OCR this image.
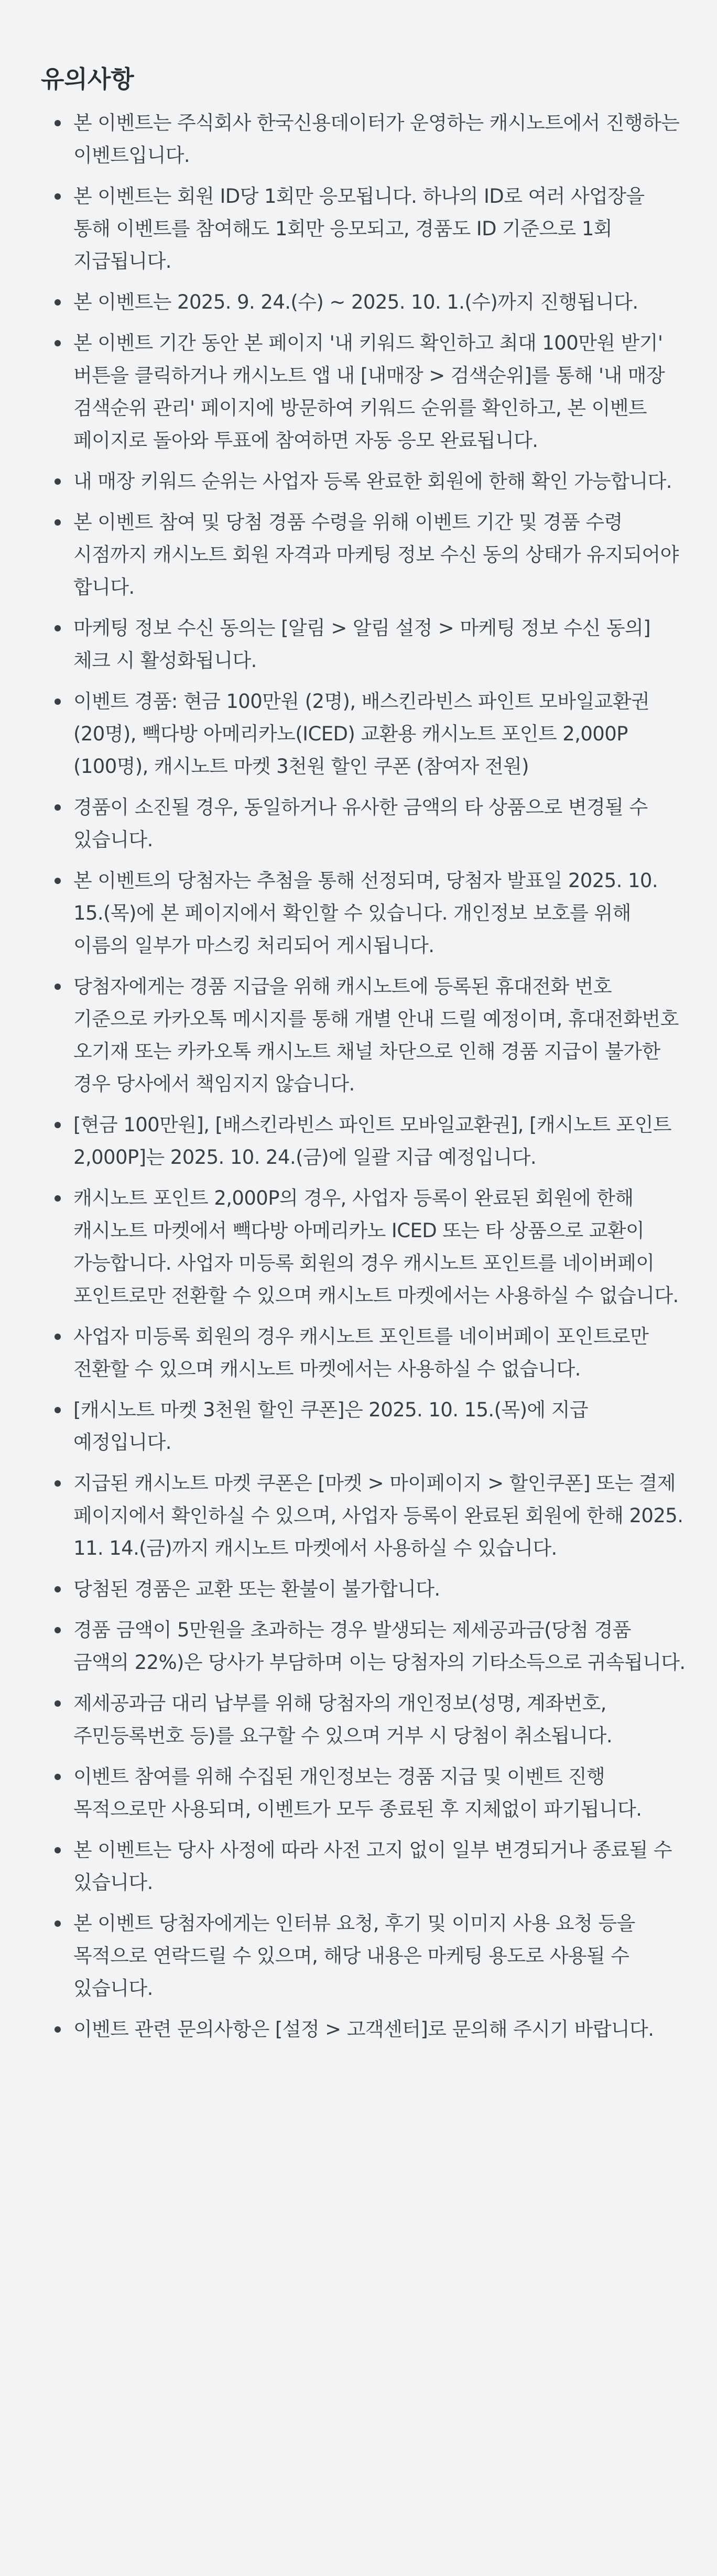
유의사항
본 이벤트는 주식회사 한국신용데이터가 운영하는 캐시노트에서 진행하는 이벤트입니다.
본 이벤트는 회원 ID당 1회만 응모됩니다. 하나의 ID로 여러 사업장을 통해 이벤트를 참여해도 1회만 응모되고, 경품도 ID 기준으로 1회 지급됩니다.
본 이벤트는 2025. 9. 24.(수) ~ 2025. 10. 1.(수)까지 진행됩니다.
본 이벤트 기간 동안 본 페이지 '내 키워드 확인하고 최대 100만원 받기' 버튼을 클릭하거나 캐시노트 앱 내 [내매장 > 검색순위]를 통해 '내 매장 검색순위 관리' 페이지에 방문하여 키워드 순위를 확인하고, 본 이벤트 페이지로 돌아와 투표에 참여하면 자동 응모 완료됩니다.
내 매장 키워드 순위는 사업자 등록 완료한 회원에 한해 확인 가능합니다.
본 이벤트 참여 및 당첨 경품 수령을 위해 이벤트 기간 및 경품 수령 시점까지 캐시노트 회원 자격과 마케팅 정보 수신 동의 상태가 유지되어야 합니다.
마케팅 정보 수신 동의는 [알림 > 알림 설정 > 마케팅 정보 수신 동의] 체크 시 활성화됩니다.
이벤트 경품: 현금 100만원 (2명), 배스킨라빈스 파인트 모바일교환권(20명), 빽다방 아메리카노(ICED) 교환용 캐시노트 포인트 2,000P (100명), 캐시노트 마켓 3천원 할인 쿠폰 (참여자 전원)
경품이 소진될 경우, 동일하거나 유사한 금액의 타 상품으로 변경될 수 있습니다.
본 이벤트의 당첨자는 추첨을 통해 선정되며, 당첨자 발표일 2025. 10. 15.(목)에 본 페이지에서 확인할 수 있습니다. 개인정보 보호를 위해 이름의 일부가 마스킹 처리되어 게시됩니다.
당첨자에게는 경품 지급을 위해 캐시노트에 등록된 휴대전화 번호 기준으로 카카오톡 메시지를 통해 개별 안내 드릴 예정이며, 휴대전화번호 오기재 또는 카카오톡 캐시노트 채널 차단으로 인해 경품 지급이 불가한 경우 당사에서 책임지지 않습니다.
[현금 100만원], [배스킨라빈스 파인트 모바일교환권], [캐시노트 포인트 2,000P]는 2025. 10. 24.(금)에 일괄 지급 예정입니다.
캐시노트 포인트 2,000P의 경우, 사업자 등록이 완료된 회원에 한해 캐시노트 마켓에서 빽다방 아메리카노 ICED 또는 타 상품으로 교환이 가능합니다. 사업자 미등록 회원의 경우 캐시노트 포인트를 네이버페이 포인트로만 전환할 수 있으며 캐시노트 마켓에서는 사용하실 수 없습니다.
사업자 미등록 회원의 경우 캐시노트 포인트를 네이버페이 포인트로만 전환할 수 있으며 캐시노트 마켓에서는 사용하실 수 없습니다.
[캐시노트 마켓 3천원 할인 쿠폰]은 2025. 10. 15.(목)에 지급 예정입니다.
지급된 캐시노트 마켓 쿠폰은 [마켓 > 마이페이지 > 할인쿠폰] 또는 결제 페이지에서 확인하실 수 있으며, 사업자 등록이 완료된 회원에 한해 2025. 11. 14.(금)까지 캐시노트 마켓에서 사용하실 수 있습니다.
당첨된 경품은 교환 또는 환불이 불가합니다.
경품 금액이 5만원을 초과하는 경우 발생되는 제세공과금(당첨 경품 금액의 22%)은 당사가 부담하며 이는 당첨자의 기타소득으로 귀속됩니다.
제세공과금 대리 납부를 위해 당첨자의 개인정보(성명, 계좌번호, 주민등록번호 등)를 요구할 수 있으며 거부 시 당첨이 취소됩니다.
이벤트 참여를 위해 수집된 개인정보는 경품 지급 및 이벤트 진행 목적으로만 사용되며, 이벤트가 모두 종료된 후 지체없이 파기됩니다.
본 이벤트는 당사 사정에 따라 사전 고지 없이 일부 변경되거나 종료될 수 있습니다.
본 이벤트 당첨자에게는 인터뷰 요청, 후기 및 이미지 사용 요청 등을 목적으로 연락드릴 수 있으며, 해당 내용은 마케팅 용도로 사용될 수 있습니다.
이벤트 관련 문의사항은 [설정 > 고객센터]로 문의해 주시기 바랍니다.
